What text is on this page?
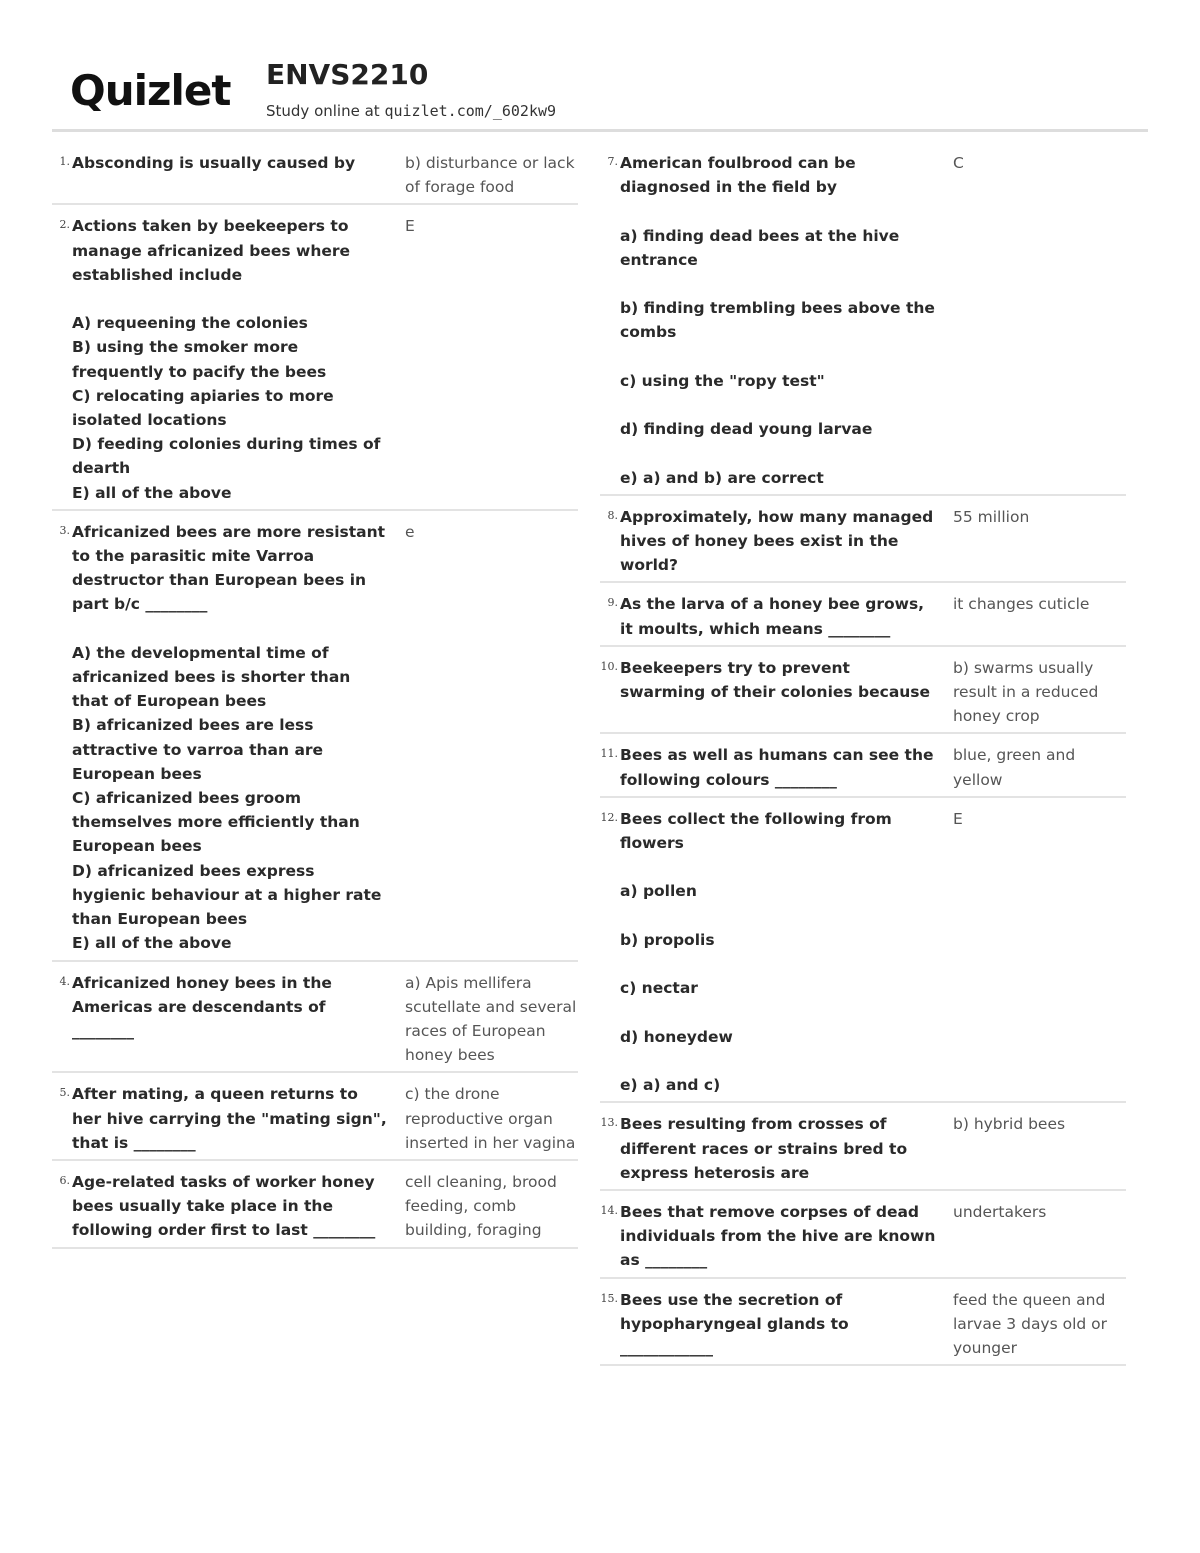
Quizlet ENVS2210
Study online at quizlet.com/_602kw9
1. Absconding is usually caused by	b) disturbance or lack of forage food
2. Actions taken by beekeepers to manage africanized bees where established include

A) requeening the colonies
B) using the smoker more frequently to pacify the bees
C) relocating apiaries to more isolated locations
D) feeding colonies during times of dearth
E) all of the above
E
3. Africanized bees are more resistant to the parasitic mite Varroa destructor than European bees in part b/c ________

A) the developmental time of africanized bees is shorter than that of European bees
B) africanized bees are less attractive to varroa than are European bees
C) africanized bees groom themselves more efficiently than European bees
D) africanized bees express hygienic behaviour at a higher rate than European bees
E) all of the above
e
4. Africanized honey bees in the Americas are descendants of ________
a) Apis mellifera scutellate and several races of European honey bees
5. After mating, a queen returns to her hive carrying the "mating sign", that is ________
c) the drone reproductive organ inserted in her vagina
6. Age-related tasks of worker honey bees usually take place in the following order first to last ________
cell cleaning, brood feeding, comb building, foraging
7. American foulbrood can be diagnosed in the field by

a) finding dead bees at the hive entrance

b) finding trembling bees above the combs

c) using the "ropy test"

d) finding dead young larvae

e) a) and b) are correct
C
8. Approximately, how many managed hives of honey bees exist in the world?
55 million
9. As the larva of a honey bee grows, it moults, which means ________
it changes cuticle
10. Beekeepers try to prevent swarming of their colonies because
b) swarms usually result in a reduced honey crop
11. Bees as well as humans can see the following colours ________
blue, green and yellow
12. Bees collect the following from flowers

a) pollen

b) propolis

c) nectar

d) honeydew

e) a) and c)
E
13. Bees resulting from crosses of different races or strains bred to express heterosis are
b) hybrid bees
14. Bees that remove corpses of dead individuals from the hive are known as ________
undertakers
15. Bees use the secretion of hypopharyngeal glands to ____________
feed the queen and larvae 3 days old or younger
